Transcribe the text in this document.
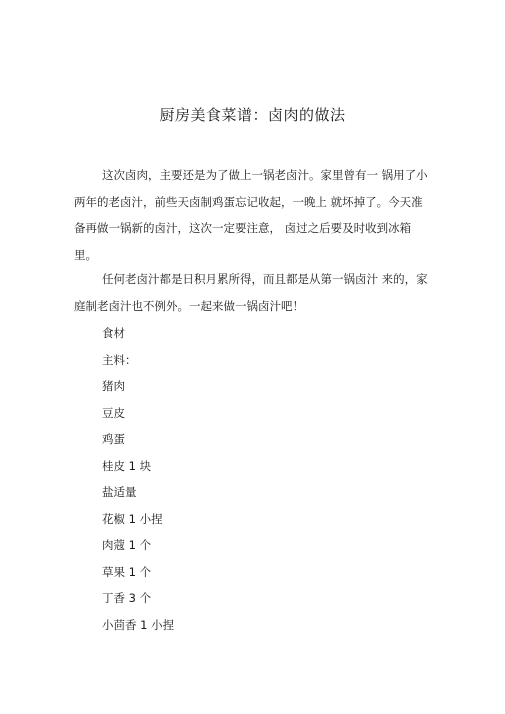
厨房美食菜谱：卤肉的做法
这次卤肉，主要还是为了做上一锅老卤汁。家里曾有一 锅用了小两年的老卤汁，前些天卤制鸡蛋忘记收起，一晚上 就坏掉了。今天准备再做一锅新的卤汁，这次一定要注意， 卤过之后要及时收到冰箱里。
任何老卤汁都是日积月累所得，而且都是从第一锅卤汁 来的，家庭制老卤汁也不例外。一起来做一锅卤汁吧！
食材
主料：
猪肉
豆皮
鸡蛋
桂皮 1 块
盐适量
花椒 1 小捏
肉蔻 1 个
草果 1 个
丁香 3 个
小茴香 1 小捏
